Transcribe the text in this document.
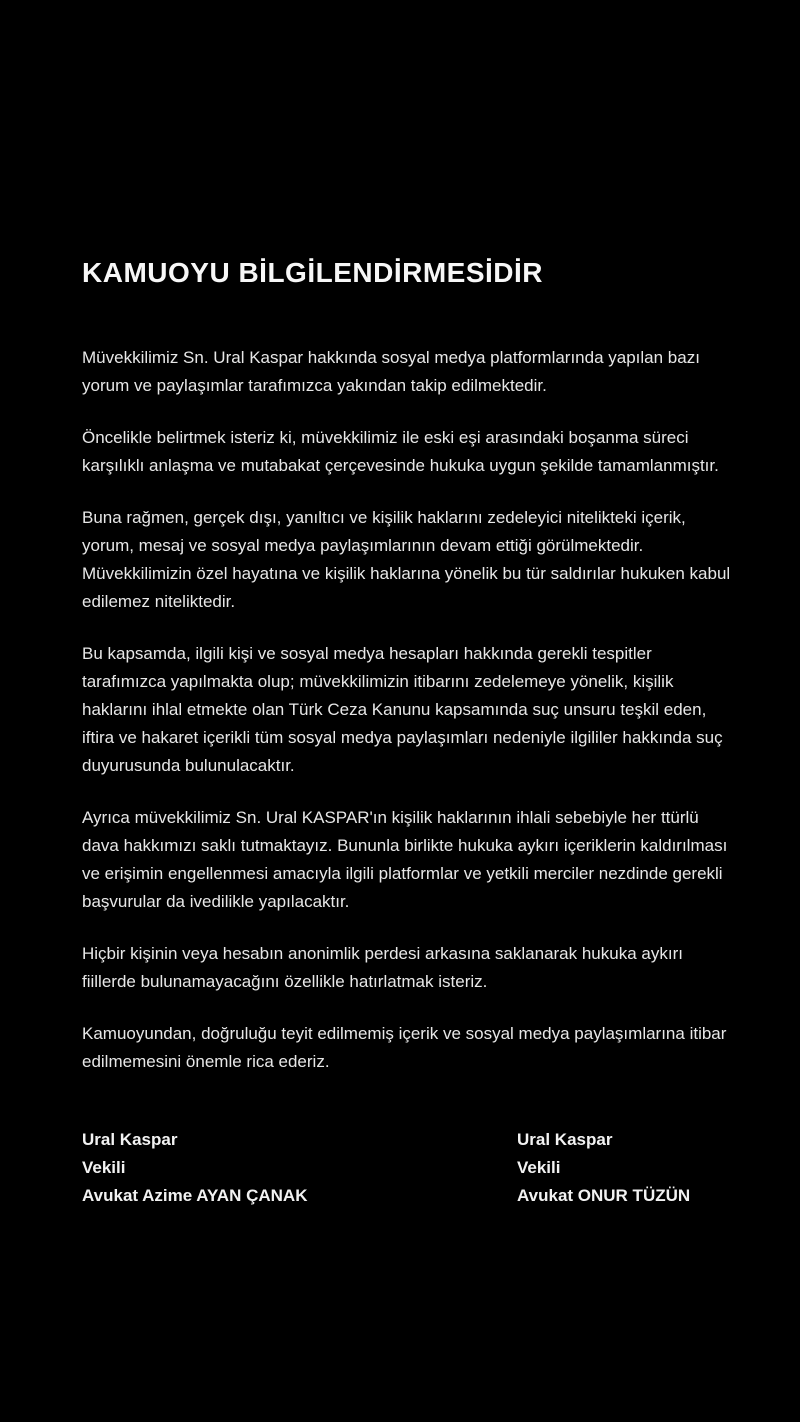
KAMUOYU BİLGİLENDİRMESİDİR

Müvekkilimiz Sn. Ural Kaspar hakkında sosyal medya platformlarında yapılan bazı yorum ve paylaşımlar tarafımızca yakından takip edilmektedir.

Öncelikle belirtmek isteriz ki, müvekkilimiz ile eski eşi arasındaki boşanma süreci karşılıklı anlaşma ve mutabakat çerçevesinde hukuka uygun şekilde tamamlanmıştır.

Buna rağmen, gerçek dışı, yanıltıcı ve kişilik haklarını zedeleyici nitelikteki içerik, yorum, mesaj ve sosyal medya paylaşımlarının devam ettiği görülmektedir. Müvekkilimizin özel hayatına ve kişilik haklarına yönelik bu tür saldırılar hukuken kabul edilemez niteliktedir.

Bu kapsamda, ilgili kişi ve sosyal medya hesapları hakkında gerekli tespitler tarafımızca yapılmakta olup; müvekkilimizin itibarını zedelemeye yönelik, kişilik haklarını ihlal etmekte olan Türk Ceza Kanunu kapsamında suç unsuru teşkil eden, iftira ve hakaret içerikli tüm sosyal medya paylaşımları nedeniyle ilgililer hakkında suç duyurusunda bulunulacaktır.

Ayrıca müvekkilimiz Sn. Ural KASPAR'ın kişilik haklarının ihlali sebebiyle her ttürlü dava hakkımızı saklı tutmaktayız. Bununla birlikte hukuka aykırı içeriklerin kaldırılması ve erişimin engellenmesi amacıyla ilgili platformlar ve yetkili merciler nezdinde gerekli başvurular da ivedilikle yapılacaktır.

Hiçbir kişinin veya hesabın anonimlik perdesi arkasına saklanarak hukuka aykırı fiillerde bulunamayacağını özellikle hatırlatmak isteriz.

Kamuoyundan, doğruluğu teyit edilmemiş içerik ve sosyal medya paylaşımlarına itibar edilmemesini önemle rica ederiz.

Ural Kaspar
Vekili
Avukat Azime AYAN ÇANAK
Ural Kaspar
Vekili
Avukat ONUR TÜZÜN
